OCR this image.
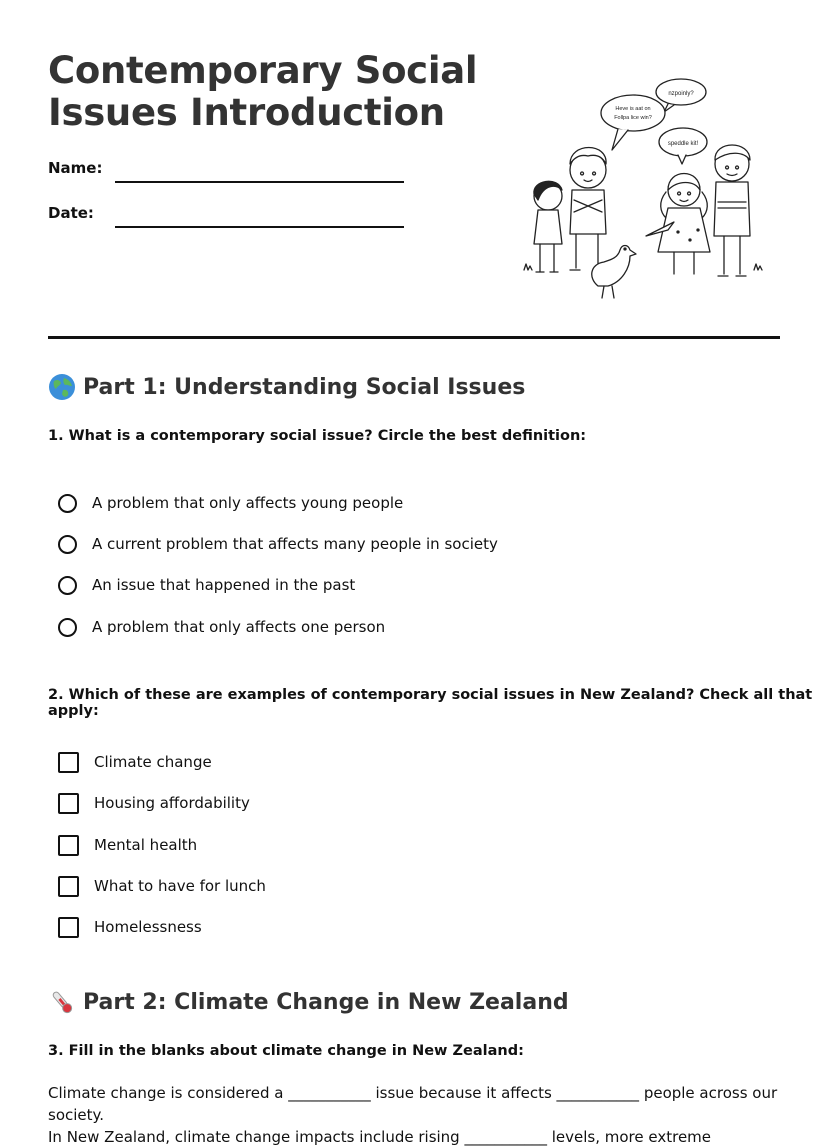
Contemporary Social Issues Introduction
Name:
Date:
nzpoinly?
Heve is aat on
Follpa lice win?
speddle kit!
Part 1: Understanding Social Issues

1. What is a contemporary social issue? Circle the best definition:

A problem that only affects young people
A current problem that affects many people in society
An issue that happened in the past
A problem that only affects one person

2. Which of these are examples of contemporary social issues in New Zealand? Check all that apply:

Climate change
Housing affordability
Mental health
What to have for lunch
Homelessness
Part 2: Climate Change in New Zealand

3. Fill in the blanks about climate change in New Zealand:

Climate change is considered a ___________ issue because it affects ___________ people across our society.
In New Zealand, climate change impacts include rising ___________ levels, more extreme
